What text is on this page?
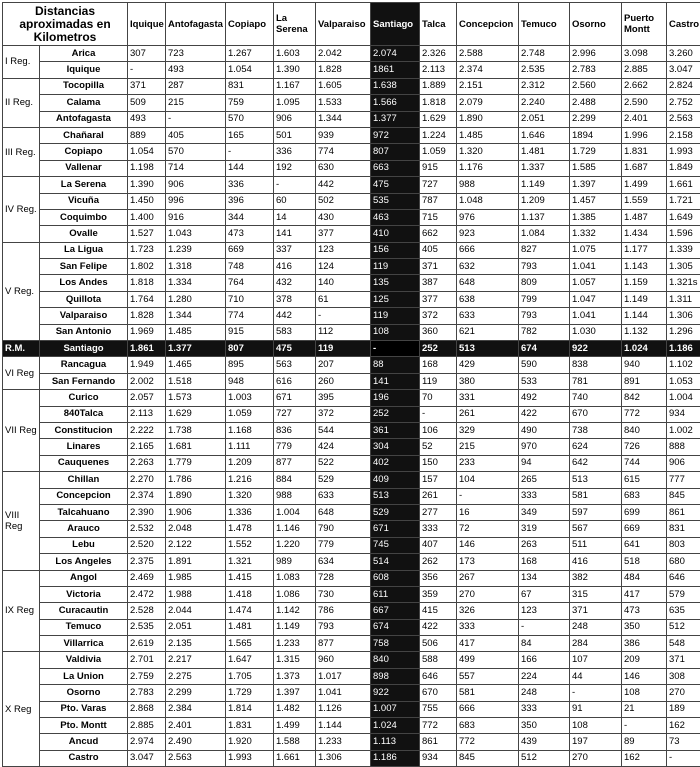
Distancias aproximadas en Kilometros		Iquique	Antofagasta	Copiapo	La Serena	Valparaiso	Santiago	Talca	Concepcion	Temuco	Osorno	Puerto Montt	Castro
I Reg.	Arica	307	723	1.267	1.603	2.042	2.074	2.326	2.588	2.748	2.996	3.098	3.260
	Iquique	-	493	1.054	1.390	1.828	1861	2.113	2.374	2.535	2.783	2.885	3.047
II Reg.	Tocopilla	371	287	831	1.167	1.605	1.638	1.889	2.151	2.312	2.560	2.662	2.824
	Calama	509	215	759	1.095	1.533	1.566	1.818	2.079	2.240	2.488	2.590	2.752
	Antofagasta	493	-	570	906	1.344	1.377	1.629	1.890	2.051	2.299	2.401	2.563
III Reg.	Chañaral	889	405	165	501	939	972	1.224	1.485	1.646	1894	1.996	2.158
	Copiapo	1.054	570	-	336	774	807	1.059	1.320	1.481	1.729	1.831	1.993
	Vallenar	1.198	714	144	192	630	663	915	1.176	1.337	1.585	1.687	1.849
IV Reg.	La Serena	1.390	906	336	-	442	475	727	988	1.149	1.397	1.499	1.661
	Vicuña	1.450	996	396	60	502	535	787	1.048	1.209	1.457	1.559	1.721
	Coquimbo	1.400	916	344	14	430	463	715	976	1.137	1.385	1.487	1.649
	Ovalle	1.527	1.043	473	141	377	410	662	923	1.084	1.332	1.434	1.596
V Reg.	La Ligua	1.723	1.239	669	337	123	156	405	666	827	1.075	1.177	1.339
	San Felipe	1.802	1.318	748	416	124	119	371	632	793	1.041	1.143	1.305
	Los Andes	1.818	1.334	764	432	140	135	387	648	809	1.057	1.159	1.321s
	Quillota	1.764	1.280	710	378	61	125	377	638	799	1.047	1.149	1.311
	Valparaiso	1.828	1.344	774	442	-	119	372	633	793	1.041	1.144	1.306
	San Antonio	1.969	1.485	915	583	112	108	360	621	782	1.030	1.132	1.296
R.M.	Santiago	1.861	1.377	807	475	119	-	252	513	674	922	1.024	1.186
VI Reg	Rancagua	1.949	1.465	895	563	207	88	168	429	590	838	940	1.102
	San Fernando	2.002	1.518	948	616	260	141	119	380	533	781	891	1.053
VII Reg	Curico	2.057	1.573	1.003	671	395	196	70	331	492	740	842	1.004
	840Talca	2.113	1.629	1.059	727	372	252	-	261	422	670	772	934
	Constitucion	2.222	1.738	1.168	836	544	361	106	329	490	738	840	1.002
	Linares	2.165	1.681	1.111	779	424	304	52	215	970	624	726	888
	Cauquenes	2.263	1.779	1.209	877	522	402	150	233	94	642	744	906
VIII Reg	Chillan	2.270	1.786	1.216	884	529	409	157	104	265	513	615	777
	Concepcion	2.374	1.890	1.320	988	633	513	261	-	333	581	683	845
	Talcahuano	2.390	1.906	1.336	1.004	648	529	277	16	349	597	699	861
	Arauco	2.532	2.048	1.478	1.146	790	671	333	72	319	567	669	831
	Lebu	2.520	2.122	1.552	1.220	779	745	407	146	263	511	641	803
	Los Angeles	2.375	1.891	1.321	989	634	514	262	173	168	416	518	680
IX Reg	Angol	2.469	1.985	1.415	1.083	728	608	356	267	134	382	484	646
	Victoria	2.472	1.988	1.418	1.086	730	611	359	270	67	315	417	579
	Curacautin	2.528	2.044	1.474	1.142	786	667	415	326	123	371	473	635
	Temuco	2.535	2.051	1.481	1.149	793	674	422	333	-	248	350	512
	Villarrica	2.619	2.135	1.565	1.233	877	758	506	417	84	284	386	548
X Reg	Valdivia	2.701	2.217	1.647	1.315	960	840	588	499	166	107	209	371
	La Union	2.759	2.275	1.705	1.373	1.017	898	646	557	224	44	146	308
	Osorno	2.783	2.299	1.729	1.397	1.041	922	670	581	248	-	108	270
	Pto. Varas	2.868	2.384	1.814	1.482	1.126	1.007	755	666	333	91	21	189
	Pto. Montt	2.885	2.401	1.831	1.499	1.144	1.024	772	683	350	108	-	162
	Ancud	2.974	2.490	1.920	1.588	1.233	1.113	861	772	439	197	89	73
	Castro	3.047	2.563	1.993	1.661	1.306	1.186	934	845	512	270	162	-
